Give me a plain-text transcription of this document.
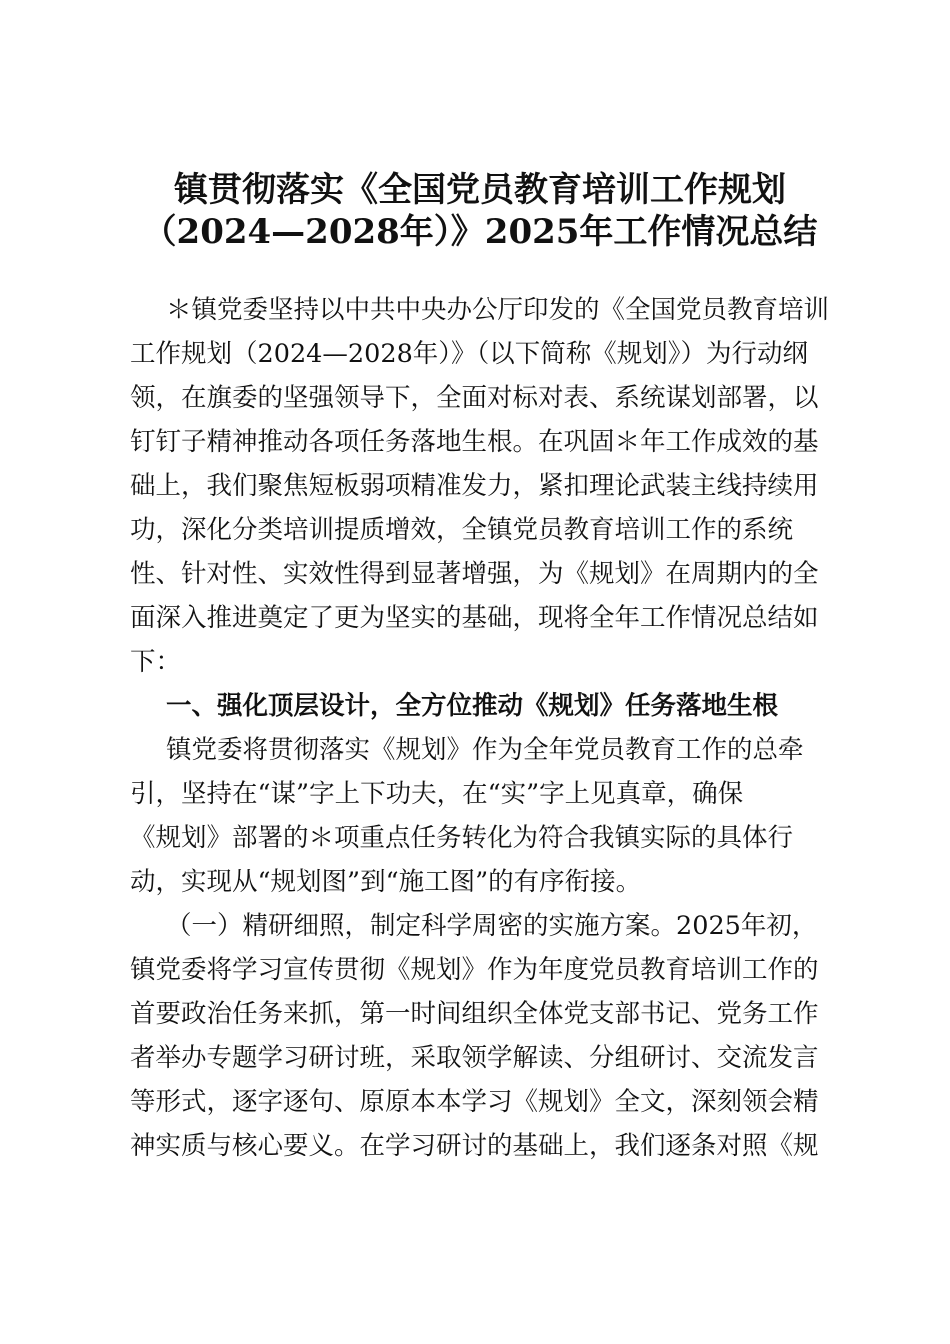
镇贯彻落实《全国党员教育培训工作规划
（2024—2028年）》2025年工作情况总结
＊镇党委坚持以中共中央办公厅印发的《全国党员教育培训
工作规划（2024—2028年）》（以下简称《规划》）为行动纲
领，在旗委的坚强领导下，全面对标对表、系统谋划部署，以
钉钉子精神推动各项任务落地生根。在巩固＊年工作成效的基
础上，我们聚焦短板弱项精准发力，紧扣理论武装主线持续用
功，深化分类培训提质增效，全镇党员教育培训工作的系统
性、针对性、实效性得到显著增强，为《规划》在周期内的全
面深入推进奠定了更为坚实的基础，现将全年工作情况总结如
下：
一、强化顶层设计，全方位推动《规划》任务落地生根
镇党委将贯彻落实《规划》作为全年党员教育工作的总牵
引，坚持在“谋”字上下功夫，在“实”字上见真章，确保
《规划》部署的＊项重点任务转化为符合我镇实际的具体行
动，实现从“规划图”到“施工图”的有序衔接。
（一）精研细照，制定科学周密的实施方案。2025年初，
镇党委将学习宣传贯彻《规划》作为年度党员教育培训工作的
首要政治任务来抓，第一时间组织全体党支部书记、党务工作
者举办专题学习研讨班，采取领学解读、分组研讨、交流发言
等形式，逐字逐句、原原本本学习《规划》全文，深刻领会精
神实质与核心要义。在学习研讨的基础上，我们逐条对照《规
